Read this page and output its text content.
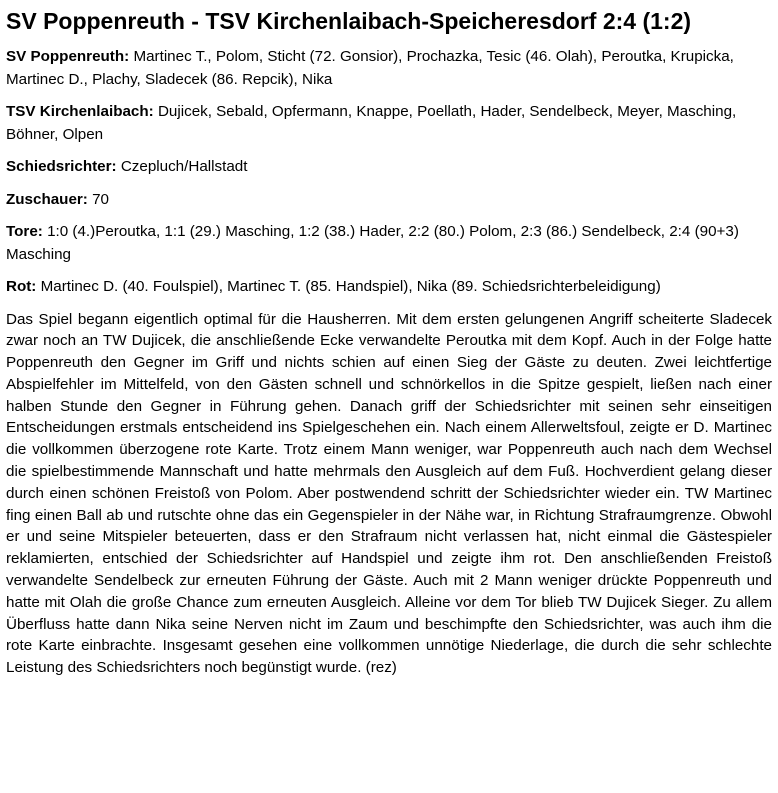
SV Poppenreuth - TSV Kirchenlaibach-Speicheresdorf 2:4 (1:2)

SV Poppenreuth: Martinec T., Polom, Sticht (72. Gonsior), Prochazka, Tesic (46. Olah), Peroutka, Krupicka, Martinec D., Plachy, Sladecek (86. Repcik), Nika

TSV Kirchenlaibach: Dujicek, Sebald, Opfermann, Knappe, Poellath, Hader, Sendelbeck, Meyer, Masching, Böhner, Olpen

Schiedsrichter: Czepluch/Hallstadt

Zuschauer: 70

Tore: 1:0 (4.)Peroutka, 1:1 (29.) Masching, 1:2 (38.) Hader, 2:2 (80.) Polom, 2:3 (86.) Sendelbeck, 2:4 (90+3) Masching

Rot: Martinec D. (40. Foulspiel), Martinec T. (85. Handspiel), Nika (89. Schiedsrichterbeleidigung)

Das Spiel begann eigentlich optimal für die Hausherren. Mit dem ersten gelungenen Angriff scheiterte Sladecek zwar noch an TW Dujicek, die anschließende Ecke verwandelte Peroutka mit dem Kopf. Auch in der Folge hatte Poppenreuth den Gegner im Griff und nichts schien auf einen Sieg der Gäste zu deuten. Zwei leichtfertige Abspielfehler im Mittelfeld, von den Gästen schnell und schnörkellos in die Spitze gespielt, ließen nach einer halben Stunde den Gegner in Führung gehen. Danach griff der Schiedsrichter mit seinen sehr einseitigen Entscheidungen erstmals entscheidend ins Spielgeschehen ein. Nach einem Allerweltsfoul, zeigte er D. Martinec die vollkommen überzogene rote Karte. Trotz einem Mann weniger, war Poppenreuth auch nach dem Wechsel die spielbestimmende Mannschaft und hatte mehrmals den Ausgleich auf dem Fuß. Hochverdient gelang dieser durch einen schönen Freistoß von Polom. Aber postwendend schritt der Schiedsrichter wieder ein. TW Martinec fing einen Ball ab und rutschte ohne das ein Gegenspieler in der Nähe war, in Richtung Strafraumgrenze. Obwohl er und seine Mitspieler beteuerten, dass er den Strafraum nicht verlassen hat, nicht einmal die Gästespieler reklamierten, entschied der Schiedsrichter auf Handspiel und zeigte ihm rot. Den anschließenden Freistoß verwandelte Sendelbeck zur erneuten Führung der Gäste. Auch mit 2 Mann weniger drückte Poppenreuth und hatte mit Olah die große Chance zum erneuten Ausgleich. Alleine vor dem Tor blieb TW Dujicek Sieger. Zu allem Überfluss hatte dann Nika seine Nerven nicht im Zaum und beschimpfte den Schiedsrichter, was auch ihm die rote Karte einbrachte. Insgesamt gesehen eine vollkommen unnötige Niederlage, die durch die sehr schlechte Leistung des Schiedsrichters noch begünstigt wurde. (rez)
